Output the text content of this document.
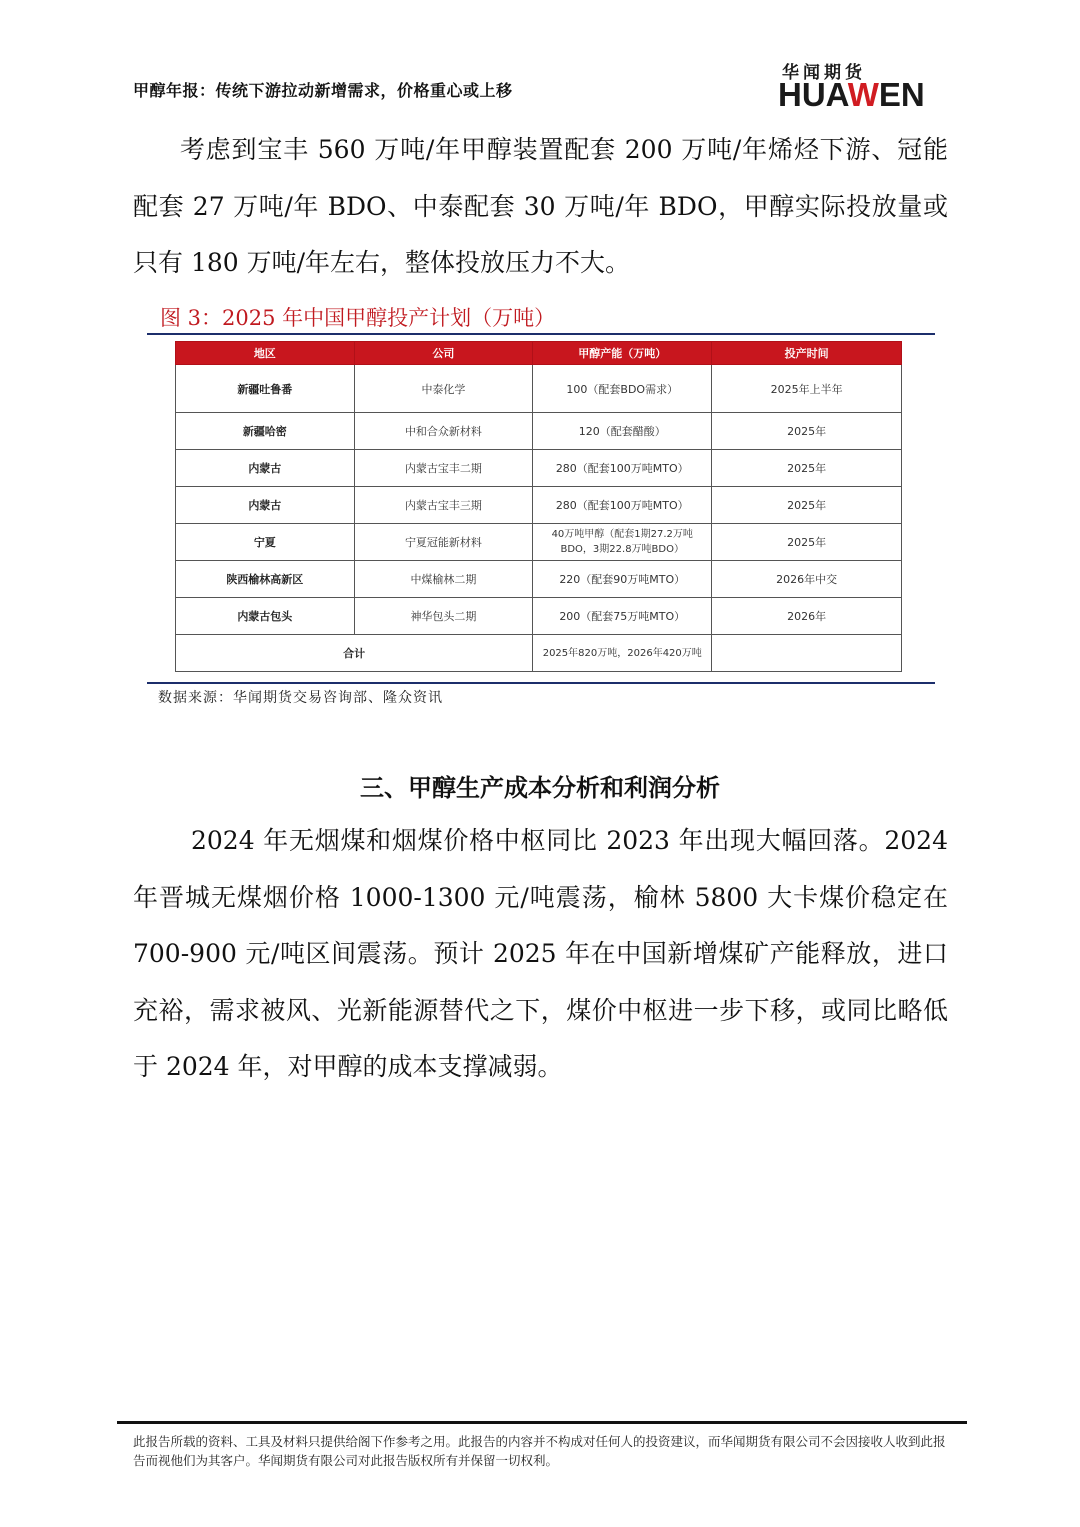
甲醇年报：传统下游拉动新增需求，价格重心或上移
华闻期货
HUAWEN
考虑到宝丰 560 万吨/年甲醇装置配套 200 万吨/年烯烃下游、冠能配套 27 万吨/年 BDO、中泰配套 30 万吨/年 BDO，甲醇实际投放量或只有 180 万吨/年左右，整体投放压力不大。
图 3：2025 年中国甲醇投产计划（万吨）
地区	公司	甲醇产能（万吨）	投产时间
新疆吐鲁番	中泰化学	100（配套BDO需求）	2025年上半年
新疆哈密	中和合众新材料	120（配套醋酸）	2025年
内蒙古	内蒙古宝丰二期	280（配套100万吨MTO）	2025年
内蒙古	内蒙古宝丰三期	280（配套100万吨MTO）	2025年
宁夏	宁夏冠能新材料	40万吨甲醇（配套1期27.2万吨BDO，3期22.8万吨BDO）	2025年
陕西榆林高新区	中煤榆林二期	220（配套90万吨MTO）	2026年中交
内蒙古包头	神华包头二期	200（配套75万吨MTO）	2026年
合计		2025年820万吨，2026年420万吨	
数据来源：华闻期货交易咨询部、隆众资讯
三、甲醇生产成本分析和利润分析
2024 年无烟煤和烟煤价格中枢同比 2023 年出现大幅回落。2024 年晋城无煤烟价格 1000-1300 元/吨震荡，榆林 5800 大卡煤价稳定在 700-900 元/吨区间震荡。预计 2025 年在中国新增煤矿产能释放，进口充裕，需求被风、光新能源替代之下，煤价中枢进一步下移，或同比略低于 2024 年，对甲醇的成本支撑减弱。
此报告所载的资料、工具及材料只提供给阁下作参考之用。此报告的内容并不构成对任何人的投资建议，而华闻期货有限公司不会因接收人收到此报告而视他们为其客户。华闻期货有限公司对此报告版权所有并保留一切权利。
